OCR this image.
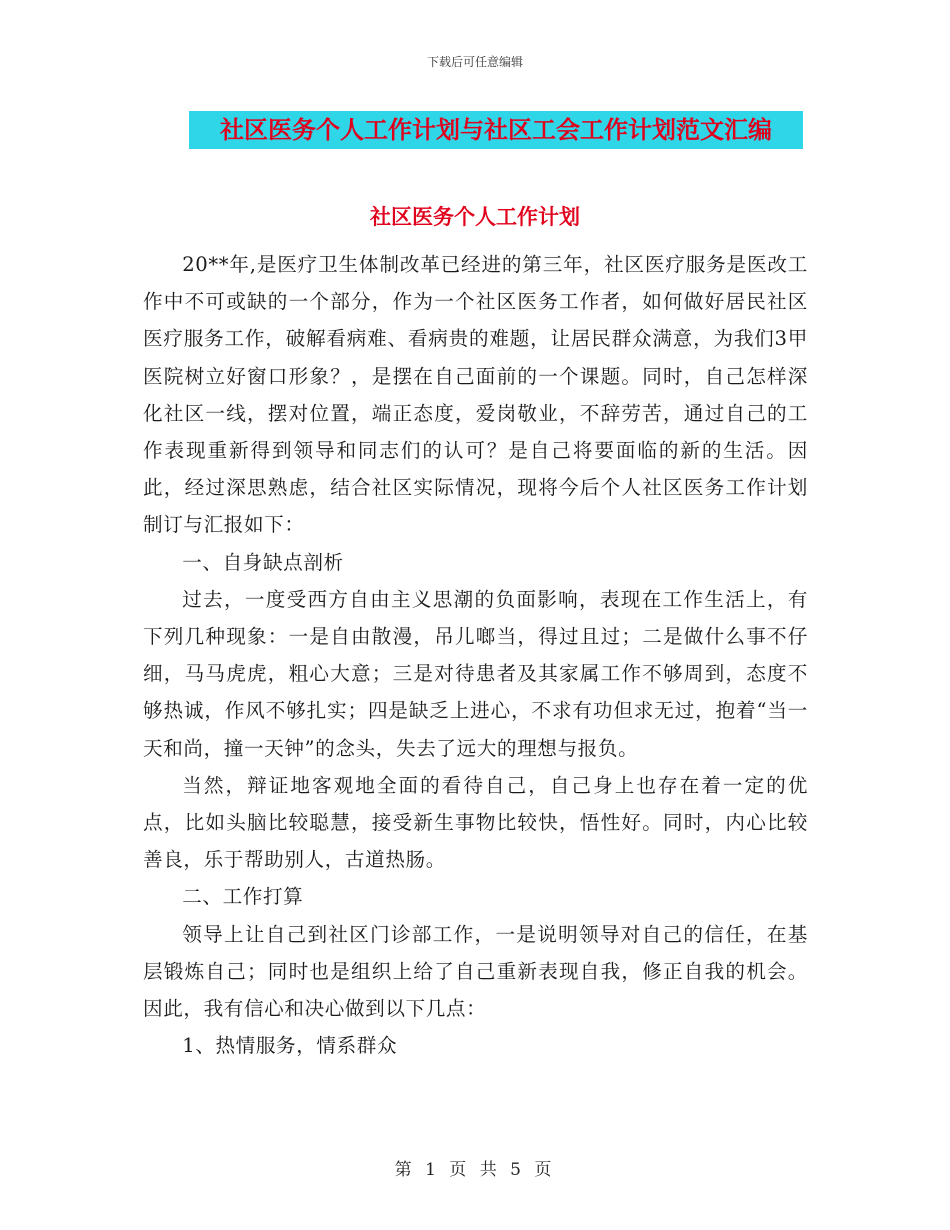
下载后可任意编辑
社区医务个人工作计划与社区工会工作计划范文汇编
社区医务个人工作计划

20**年,是医疗卫生体制改革已经进的第三年，社区医疗服务是医改工作中不可或缺的一个部分，作为一个社区医务工作者，如何做好居民社区医疗服务工作，破解看病难、看病贵的难题，让居民群众满意，为我们3甲医院树立好窗口形象？，是摆在自己面前的一个课题。同时，自己怎样深化社区一线，摆对位置，端正态度，爱岗敬业，不辞劳苦，通过自己的工作表现重新得到领导和同志们的认可？是自己将要面临的新的生活。因此，经过深思熟虑，结合社区实际情况，现将今后个人社区医务工作计划制订与汇报如下：

一、自身缺点剖析

过去，一度受西方自由主义思潮的负面影响，表现在工作生活上，有下列几种现象：一是自由散漫，吊儿啷当，得过且过；二是做什么事不仔细，马马虎虎，粗心大意；三是对待患者及其家属工作不够周到，态度不够热诚，作风不够扎实；四是缺乏上进心，不求有功但求无过，抱着“当一天和尚，撞一天钟”的念头，失去了远大的理想与报负。

当然，辩证地客观地全面的看待自己，自己身上也存在着一定的优点，比如头脑比较聪慧，接受新生事物比较快，悟性好。同时，内心比较善良，乐于帮助别人，古道热肠。

二、工作打算

领导上让自己到社区门诊部工作，一是说明领导对自己的信任，在基层锻炼自己；同时也是组织上给了自己重新表现自我，修正自我的机会。因此，我有信心和决心做到以下几点：

1、热情服务，情系群众

第 1 页 共 5 页
